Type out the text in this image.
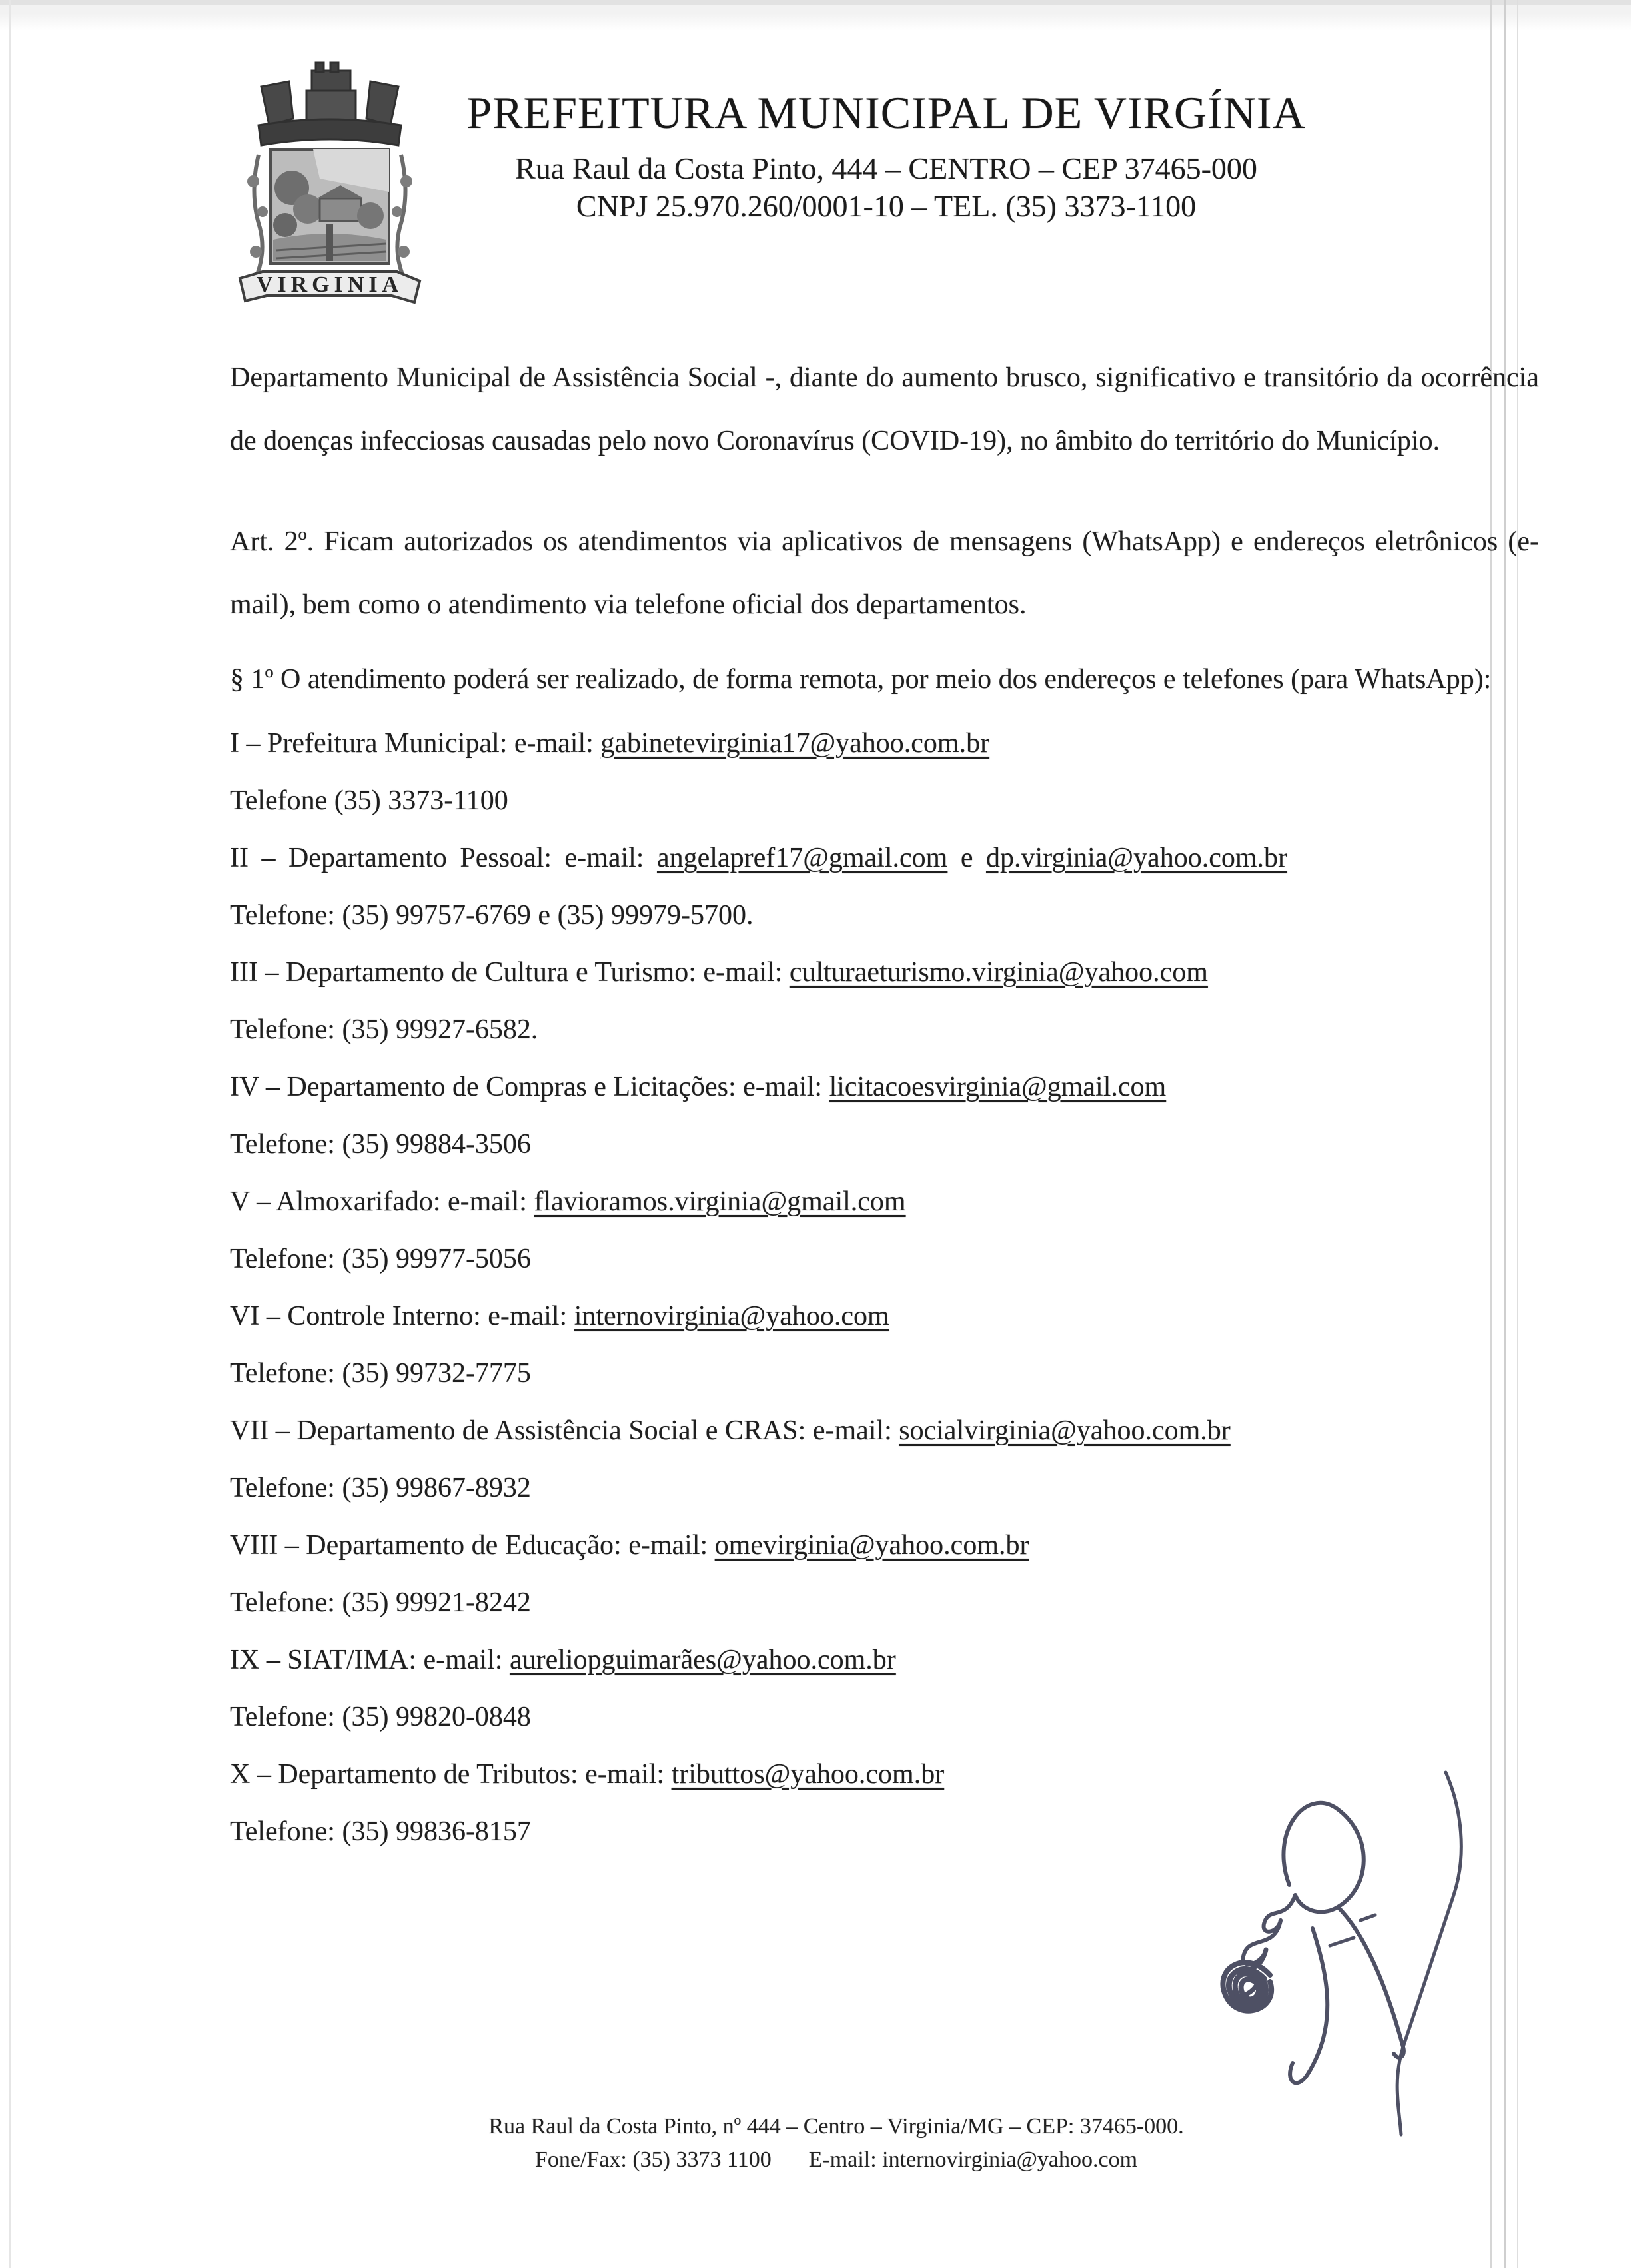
VIRGINIA
PREFEITURA MUNICIPAL DE VIRGÍNIA
Rua Raul da Costa Pinto, 444 – CENTRO – CEP 37465-000
CNPJ 25.970.260/0001-10 – TEL. (35) 3373-1100

Departamento Municipal de Assistência Social -, diante do aumento brusco, significativo e transitório da ocorrência de doenças infecciosas causadas pelo novo Coronavírus (COVID-19), no âmbito do território do Município.

Art. 2º. Ficam autorizados os atendimentos via aplicativos de mensagens (WhatsApp) e endereços eletrônicos (e-mail), bem como o atendimento via telefone oficial dos departamentos.

§ 1º O atendimento poderá ser realizado, de forma remota, por meio dos endereços e telefones (para WhatsApp):

I – Prefeitura Municipal: e-mail: gabinetevirginia17@yahoo.com.br
Telefone (35) 3373-1100
II – Departamento Pessoal: e-mail: angelapref17@gmail.com e dp.virginia@yahoo.com.br
Telefone: (35) 99757-6769 e (35) 99979-5700.
III – Departamento de Cultura e Turismo: e-mail: culturaeturismo.virginia@yahoo.com
Telefone: (35) 99927-6582.
IV – Departamento de Compras e Licitações: e-mail: licitacoesvirginia@gmail.com
Telefone: (35) 99884-3506
V – Almoxarifado: e-mail: flavioramos.virginia@gmail.com
Telefone: (35) 99977-5056
VI – Controle Interno: e-mail: internovirginia@yahoo.com
Telefone: (35) 99732-7775
VII – Departamento de Assistência Social e CRAS: e-mail: socialvirginia@yahoo.com.br
Telefone: (35) 99867-8932
VIII – Departamento de Educação: e-mail: omevirginia@yahoo.com.br
Telefone: (35) 99921-8242
IX – SIAT/IMA: e-mail: aureliopguimarães@yahoo.com.br
Telefone: (35) 99820-0848
X – Departamento de Tributos: e-mail: tributtos@yahoo.com.br
Telefone: (35) 99836-8157
Rua Raul da Costa Pinto, nº 444 – Centro – Virginia/MG – CEP: 37465-000.
Fone/Fax: (35) 3373 1100 E-mail: internovirginia@yahoo.com
